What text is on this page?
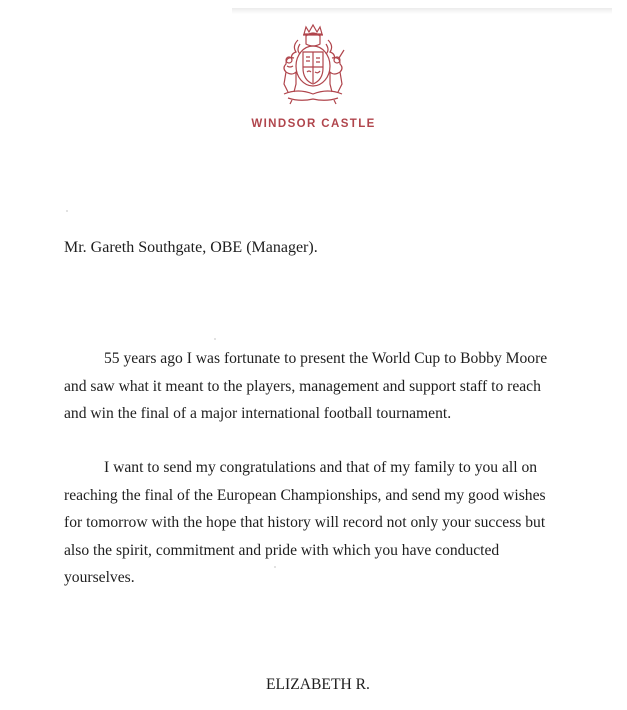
WINDSOR CASTLE

Mr. Gareth Southgate, OBE (Manager).

55 years ago I was fortunate to present the World Cup to Bobby Moore and saw what it meant to the players, management and support staff to reach and win the final of a major international football tournament.

I want to send my congratulations and that of my family to you all on reaching the final of the European Championships, and send my good wishes for tomorrow with the hope that history will record not only your success but also the spirit, commitment and pride with which you have conducted yourselves.

ELIZABETH R.
